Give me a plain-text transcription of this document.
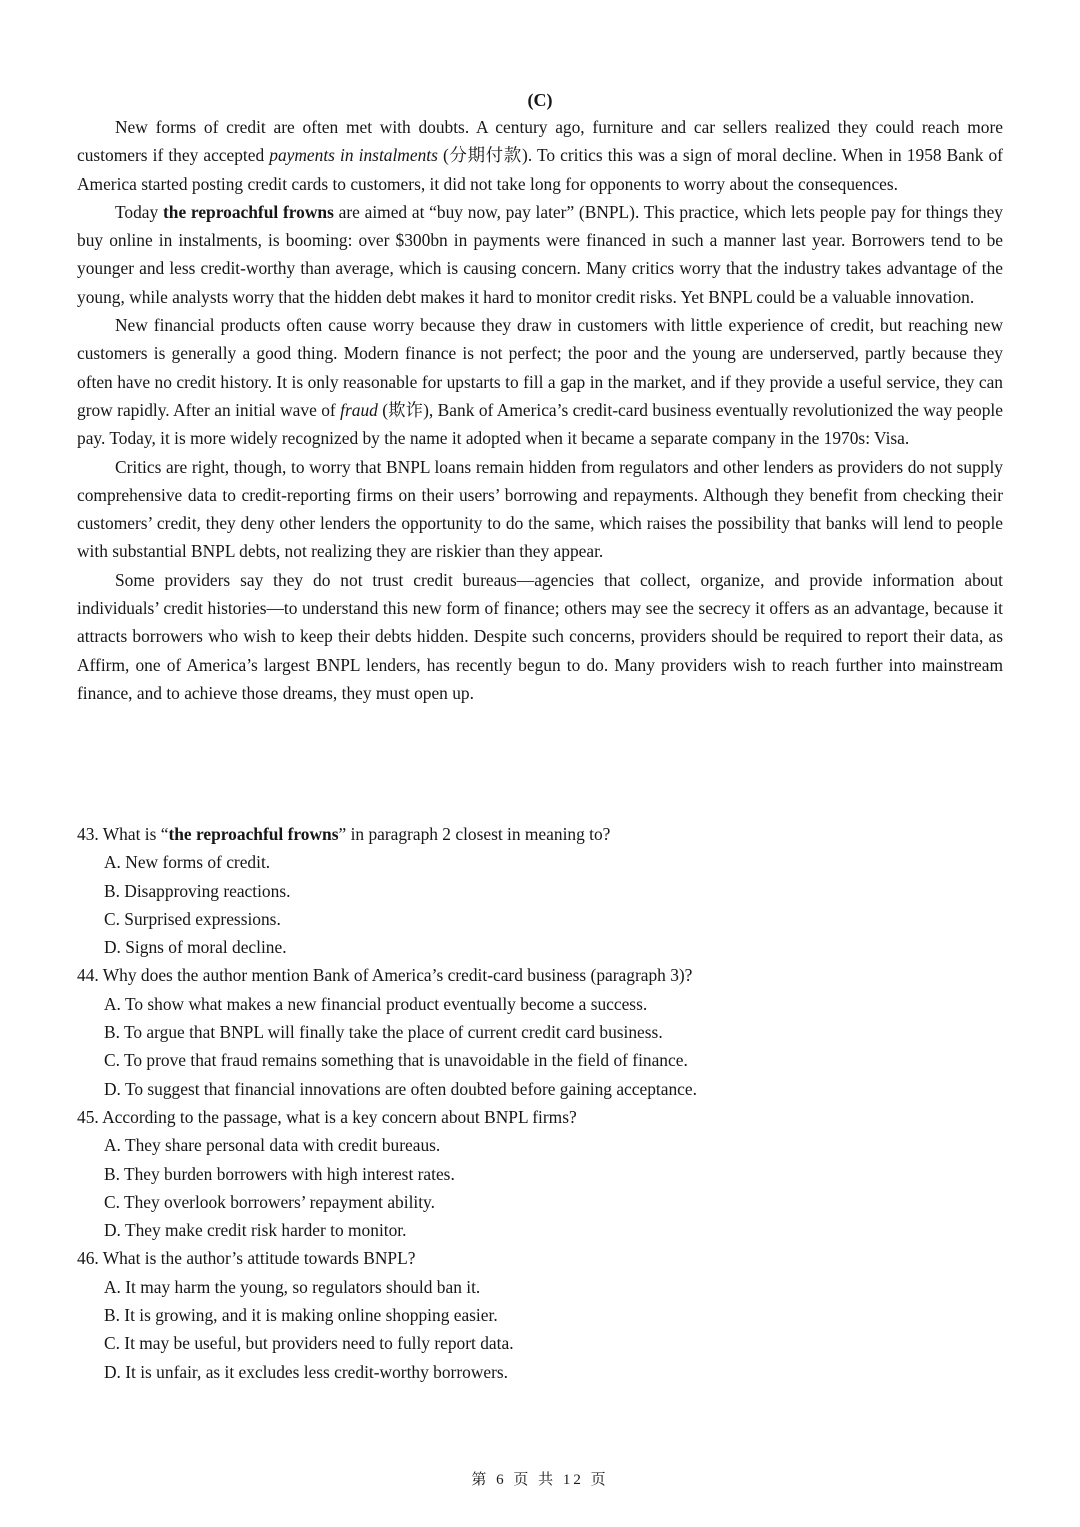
(C)

New forms of credit are often met with doubts. A century ago, furniture and car sellers realized they could reach more customers if they accepted payments in instalments (分期付款). To critics this was a sign of moral decline. When in 1958 Bank of America started posting credit cards to customers, it did not take long for opponents to worry about the consequences.

Today the reproachful frowns are aimed at “buy now, pay later” (BNPL). This practice, which lets people pay for things they buy online in instalments, is booming: over $300bn in payments were financed in such a manner last year. Borrowers tend to be younger and less credit-worthy than average, which is causing concern. Many critics worry that the industry takes advantage of the young, while analysts worry that the hidden debt makes it hard to monitor credit risks. Yet BNPL could be a valuable innovation.

New financial products often cause worry because they draw in customers with little experience of credit, but reaching new customers is generally a good thing. Modern finance is not perfect; the poor and the young are underserved, partly because they often have no credit history. It is only reasonable for upstarts to fill a gap in the market, and if they provide a useful service, they can grow rapidly. After an initial wave of fraud (欺诈), Bank of America’s credit-card business eventually revolutionized the way people pay. Today, it is more widely recognized by the name it adopted when it became a separate company in the 1970s: Visa.

Critics are right, though, to worry that BNPL loans remain hidden from regulators and other lenders as providers do not supply comprehensive data to credit-reporting firms on their users’ borrowing and repayments. Although they benefit from checking their customers’ credit, they deny other lenders the opportunity to do the same, which raises the possibility that banks will lend to people with substantial BNPL debts, not realizing they are riskier than they appear.

Some providers say they do not trust credit bureaus—agencies that collect, organize, and provide information about individuals’ credit histories—to understand this new form of finance; others may see the secrecy it offers as an advantage, because it attracts borrowers who wish to keep their debts hidden. Despite such concerns, providers should be required to report their data, as Affirm, one of America’s largest BNPL lenders, has recently begun to do. Many providers wish to reach further into mainstream finance, and to achieve those dreams, they must open up.

43. What is “the reproachful frowns” in paragraph 2 closest in meaning to?

A. New forms of credit.

B. Disapproving reactions.

C. Surprised expressions.

D. Signs of moral decline.

44. Why does the author mention Bank of America’s credit-card business (paragraph 3)?

A. To show what makes a new financial product eventually become a success.

B. To argue that BNPL will finally take the place of current credit card business.

C. To prove that fraud remains something that is unavoidable in the field of finance.

D. To suggest that financial innovations are often doubted before gaining acceptance.

45. According to the passage, what is a key concern about BNPL firms?

A. They share personal data with credit bureaus.

B. They burden borrowers with high interest rates.

C. They overlook borrowers’ repayment ability.

D. They make credit risk harder to monitor.

46. What is the author’s attitude towards BNPL?

A. It may harm the young, so regulators should ban it.

B. It is growing, and it is making online shopping easier.

C. It may be useful, but providers need to fully report data.

D. It is unfair, as it excludes less credit-worthy borrowers.

第 6 页 共 12 页
